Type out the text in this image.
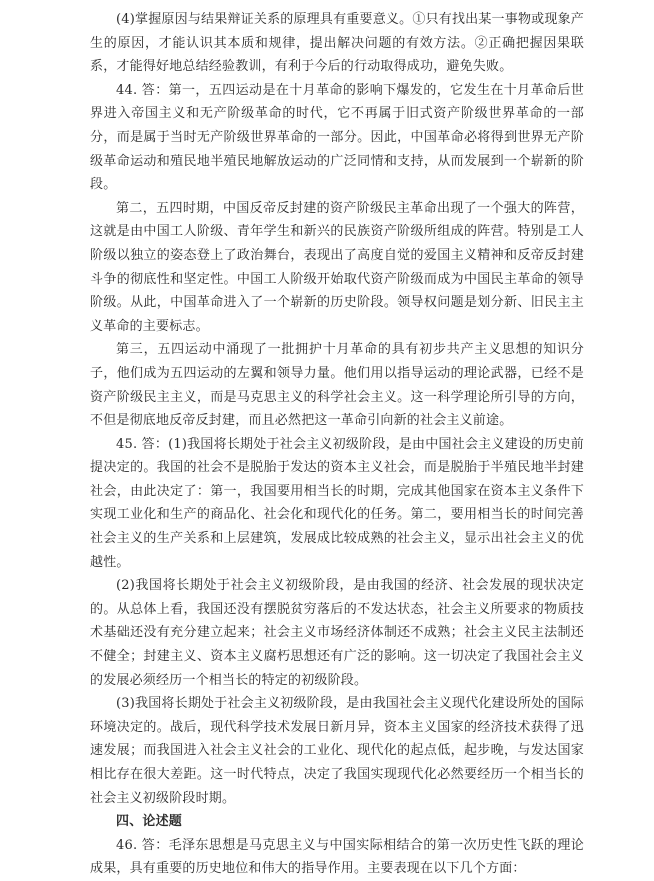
(4)掌握原因与结果辩证关系的原理具有重要意义。①只有找出某一事物或现象产生的原因，才能认识其本质和规律，提出解决问题的有效方法。②正确把握因果联系，才能得好地总结经验教训，有利于今后的行动取得成功，避免失败。

44. 答：第一，五四运动是在十月革命的影响下爆发的，它发生在十月革命后世界进入帝国主义和无产阶级革命的时代，它不再属于旧式资产阶级世界革命的一部分，而是属于当时无产阶级世界革命的一部分。因此，中国革命必将得到世界无产阶级革命运动和殖民地半殖民地解放运动的广泛同情和支持，从而发展到一个崭新的阶段。

第二，五四时期，中国反帝反封建的资产阶级民主革命出现了一个强大的阵营，这就是由中国工人阶级、青年学生和新兴的民族资产阶级所组成的阵营。特别是工人阶级以独立的姿态登上了政治舞台，表现出了高度自觉的爱国主义精神和反帝反封建斗争的彻底性和坚定性。中国工人阶级开始取代资产阶级而成为中国民主革命的领导阶级。从此，中国革命进入了一个崭新的历史阶段。领导权问题是划分新、旧民主主义革命的主要标志。

第三，五四运动中涌现了一批拥护十月革命的具有初步共产主义思想的知识分子，他们成为五四运动的左翼和领导力量。他们用以指导运动的理论武器，已经不是资产阶级民主主义，而是马克思主义的科学社会主义。这一科学理论所引导的方向，不但是彻底地反帝反封建，而且必然把这一革命引向新的社会主义前途。

45. 答：(1)我国将长期处于社会主义初级阶段，是由中国社会主义建设的历史前提决定的。我国的社会不是脱胎于发达的资本主义社会，而是脱胎于半殖民地半封建社会，由此决定了：第一，我国要用相当长的时期，完成其他国家在资本主义条件下实现工业化和生产的商品化、社会化和现代化的任务。第二，要用相当长的时间完善社会主义的生产关系和上层建筑，发展成比较成熟的社会主义，显示出社会主义的优越性。

(2)我国将长期处于社会主义初级阶段，是由我国的经济、社会发展的现状决定的。从总体上看，我国还没有摆脱贫穷落后的不发达状态，社会主义所要求的物质技术基础还没有充分建立起来；社会主义市场经济体制还不成熟；社会主义民主法制还不健全；封建主义、资本主义腐朽思想还有广泛的影响。这一切决定了我国社会主义的发展必须经历一个相当长的特定的初级阶段。

(3)我国将长期处于社会主义初级阶段，是由我国社会主义现代化建设所处的国际环境决定的。战后，现代科学技术发展日新月异，资本主义国家的经济技术获得了迅速发展；而我国进入社会主义社会的工业化、现代化的起点低，起步晚，与发达国家相比存在很大差距。这一时代特点，决定了我国实现现代化必然要经历一个相当长的社会主义初级阶段时期。

四、论述题

46. 答：毛泽东思想是马克思主义与中国实际相结合的第一次历史性飞跃的理论成果，具有重要的历史地位和伟大的指导作用。主要表现在以下几个方面：
